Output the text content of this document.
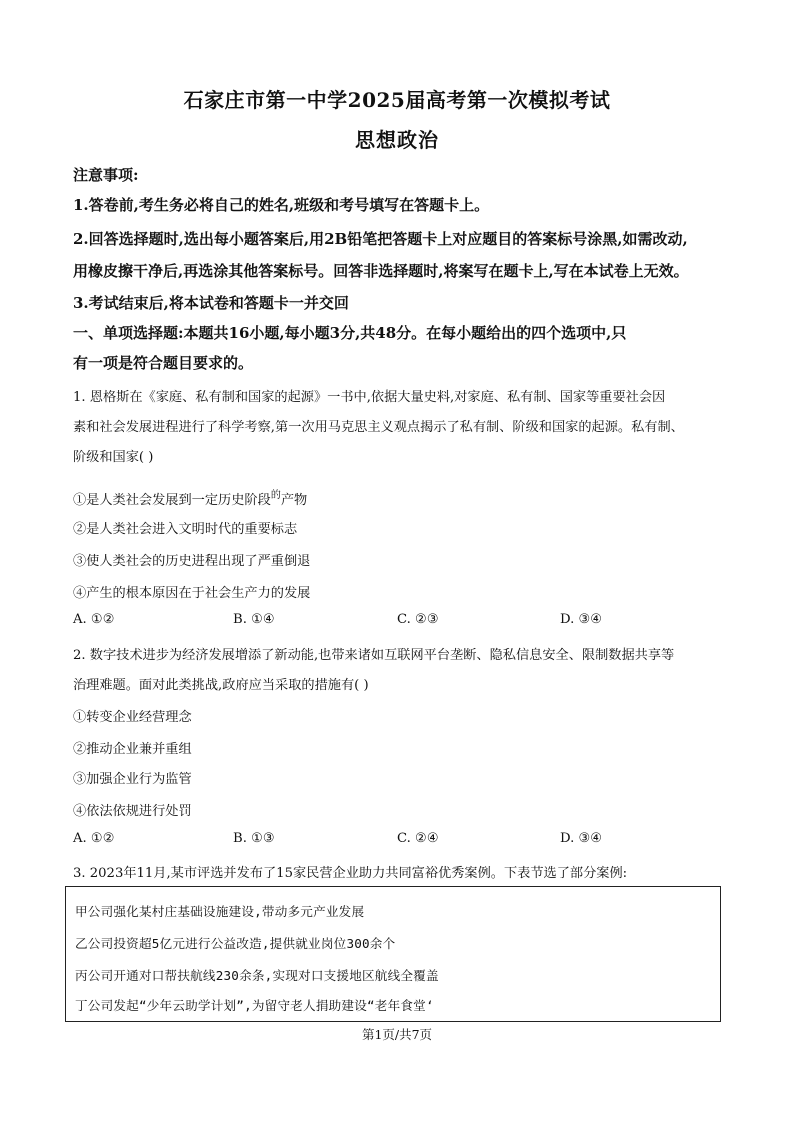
石家庄市第一中学2025届高考第一次模拟考试
思想政治
注意事项:
1.答卷前,考生务必将自己的姓名,班级和考号填写在答题卡上。
2.回答选择题时,选出每小题答案后,用2B铅笔把答题卡上对应题目的答案标号涂黑,如需改动,
用橡皮擦干净后,再选涂其他答案标号。回答非选择题时,将案写在题卡上,写在本试卷上无效。
3.考试结束后,将本试卷和答题卡一并交回
一、单项选择题:本题共16小题,每小题3分,共48分。在每小题给出的四个选项中,只
有一项是符合题目要求的。
1. 恩格斯在《家庭、私有制和国家的起源》一书中,依据大量史料,对家庭、私有制、国家等重要社会因
素和社会发展进程进行了科学考察,第一次用马克思主义观点揭示了私有制、阶级和国家的起源。私有制、
阶级和国家( )
①是人类社会发展到一定历史阶段$^的$产物
②是人类社会进入文明时代的重要标志
③使人类社会的历史进程出现了严重倒退
④产生的根本原因在于社会生产力的发展
A. ①②	B. ①④	C. ②③	D. ③④
2. 数字技术进步为经济发展增添了新动能,也带来诸如互联网平台垄断、隐私信息安全、限制数据共享等
治理难题。面对此类挑战,政府应当采取的措施有( )
①转变企业经营理念
②推动企业兼并重组
③加强企业行为监管
④依法依规进行处罚
A. ①②	B. ①③	C. ②④	D. ③④
3. 2023年11月,某市评选并发布了15家民营企业助力共同富裕优秀案例。下表节选了部分案例:
甲公司强化某村庄基础设施建设,带动多元产业发展
乙公司投资超5亿元进行公益改造,提供就业岗位300余个
丙公司开通对口帮扶航线230余条,实现对口支援地区航线全覆盖
丁公司发起“少年云助学计划”,为留守老人捐助建设“老年食堂‘
第1页/共7页
